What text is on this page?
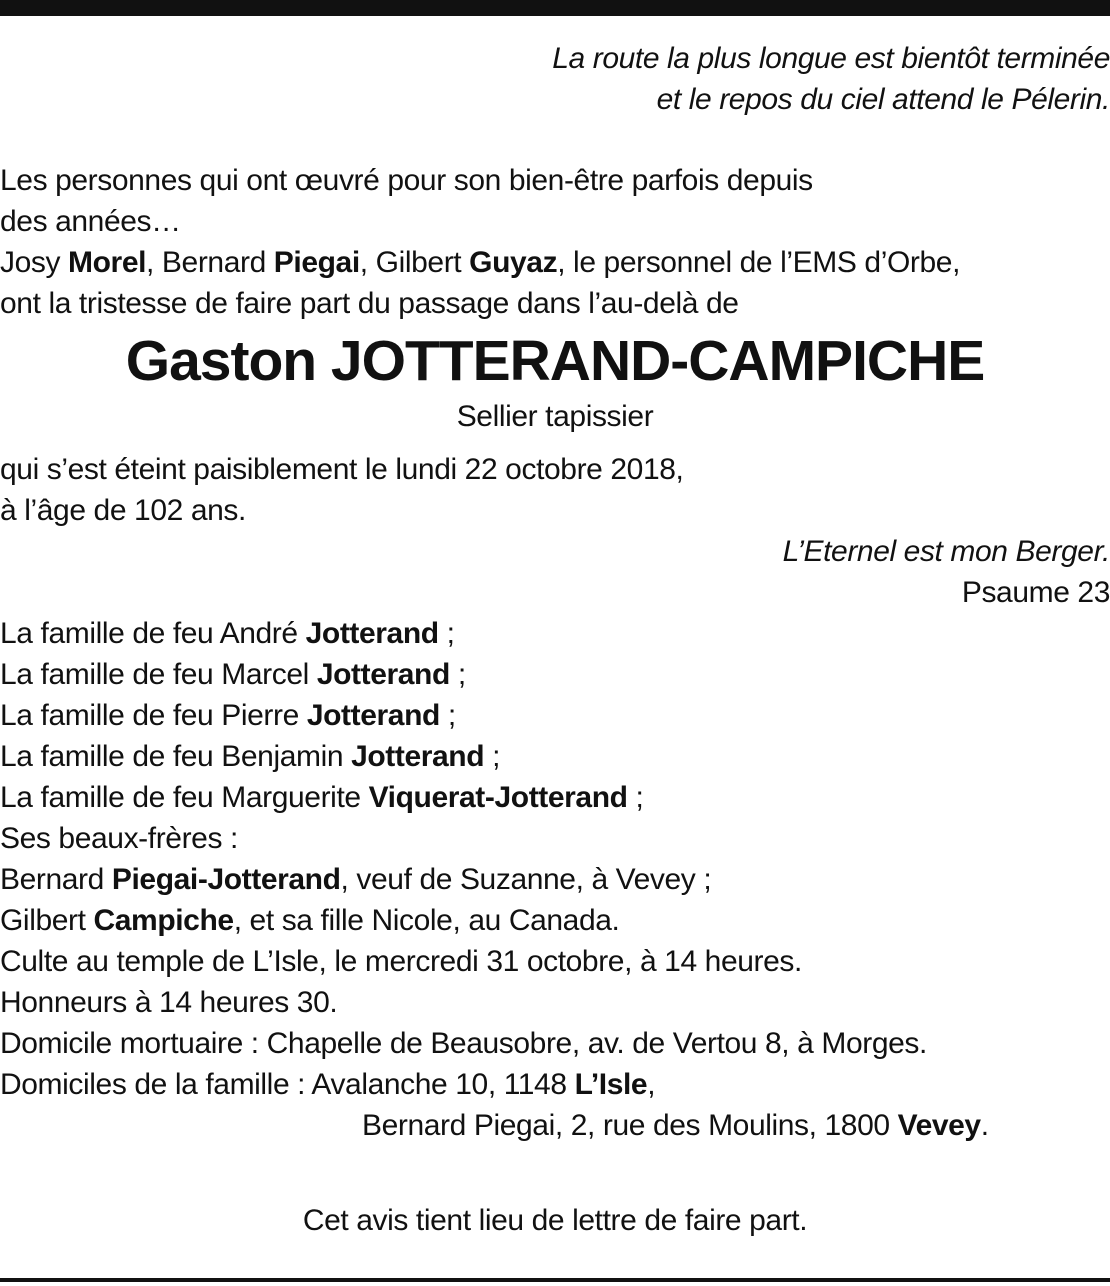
La route la plus longue est bientôt terminée

et le repos du ciel attend le Pélerin.

Les personnes qui ont œuvré pour son bien-être parfois depuis

des années…

Josy Morel, Bernard Piegai, Gilbert Guyaz, le personnel de l’EMS d’Orbe,

ont la tristesse de faire part du passage dans l’au-delà de

Gaston JOTTERAND-CAMPICHE

Sellier tapissier

qui s’est éteint paisiblement le lundi 22 octobre 2018,

à l’âge de 102 ans.

L’Eternel est mon Berger.

Psaume 23

La famille de feu André Jotterand ;

La famille de feu Marcel Jotterand ;

La famille de feu Pierre Jotterand ;

La famille de feu Benjamin Jotterand ;

La famille de feu Marguerite Viquerat-Jotterand ;

Ses beaux-frères :

Bernard Piegai-Jotterand, veuf de Suzanne, à Vevey ;

Gilbert Campiche, et sa fille Nicole, au Canada.

Culte au temple de L’Isle, le mercredi 31 octobre, à 14 heures.

Honneurs à 14 heures 30.

Domicile mortuaire : Chapelle de Beausobre, av. de Vertou 8, à Morges.

Domiciles de la famille : Avalanche 10, 1148 L’Isle,

Bernard Piegai, 2, rue des Moulins, 1800 Vevey.

Cet avis tient lieu de lettre de faire part.
